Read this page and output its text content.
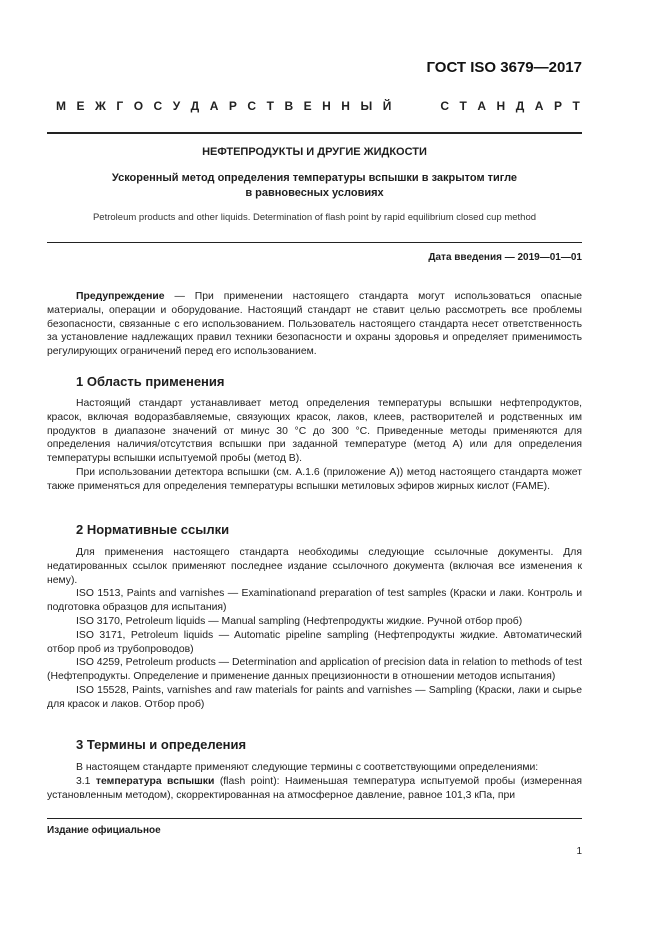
ГОСТ ISO 3679—2017
М Е Ж Г О С У Д А Р С Т В Е Н Н Ы Й	С Т А Н Д А Р Т
НЕФТЕПРОДУКТЫ И ДРУГИЕ ЖИДКОСТИ
Ускоренный метод определения температуры вспышки в закрытом тигле
в равновесных условиях
Petroleum products and other liquids. Determination of flash point by rapid equilibrium closed cup method
Дата введения — 2019—01—01

Предупреждение — При применении настоящего стандарта могут использоваться опасные материалы, операции и оборудование. Настоящий стандарт не ставит целью рассмотреть все проблемы безопасности, связанные с его использованием. Пользователь настоящего стандарта несет ответственность за установление надлежащих правил техники безопасности и охраны здоровья и определяет применимость регулирующих ограничений перед его использованием.

1 Область применения

Настоящий стандарт устанавливает метод определения температуры вспышки нефтепродуктов, красок, включая водоразбавляемые, связующих красок, лаков, клеев, растворителей и родственных им продуктов в диапазоне значений от минус 30 °С до 300 °С. Приведенные методы применяются для определения наличия/отсутствия вспышки при заданной температуре (метод А) или для определения температуры вспышки испытуемой пробы (метод В).

При использовании детектора вспышки (см. А.1.6 (приложение А)) метод настоящего стандарта может также применяться для определения температуры вспышки метиловых эфиров жирных кислот (FAME).

2 Нормативные ссылки

Для применения настоящего стандарта необходимы следующие ссылочные документы. Для недатированных ссылок применяют последнее издание ссылочного документа (включая все изменения к нему).

ISO 1513, Paints and varnishes — Examinationand preparation of test samples (Краски и лаки. Контроль и подготовка образцов для испытания)

ISO 3170, Petroleum liquids — Manual sampling (Нефтепродукты жидкие. Ручной отбор проб)

ISO 3171, Petroleum liquids — Automatic pipeline sampling (Нефтепродукты жидкие. Автоматический отбор проб из трубопроводов)

ISO 4259, Petroleum products — Determination and application of precision data in relation to methods of test (Нефтепродукты. Определение и применение данных прецизионности в отношении методов испытания)

ISO 15528, Paints, varnishes and raw materials for paints and varnishes — Sampling (Краски, лаки и сырье для красок и лаков. Отбор проб)

3 Термины и определения

В настоящем стандарте применяют следующие термины с соответствующими определениями:

3.1 температура вспышки (flash point): Наименьшая температура испытуемой пробы (измеренная установленным методом), скорректированная на атмосферное давление, равное 101,3 кПа, при

Издание официальное
1
